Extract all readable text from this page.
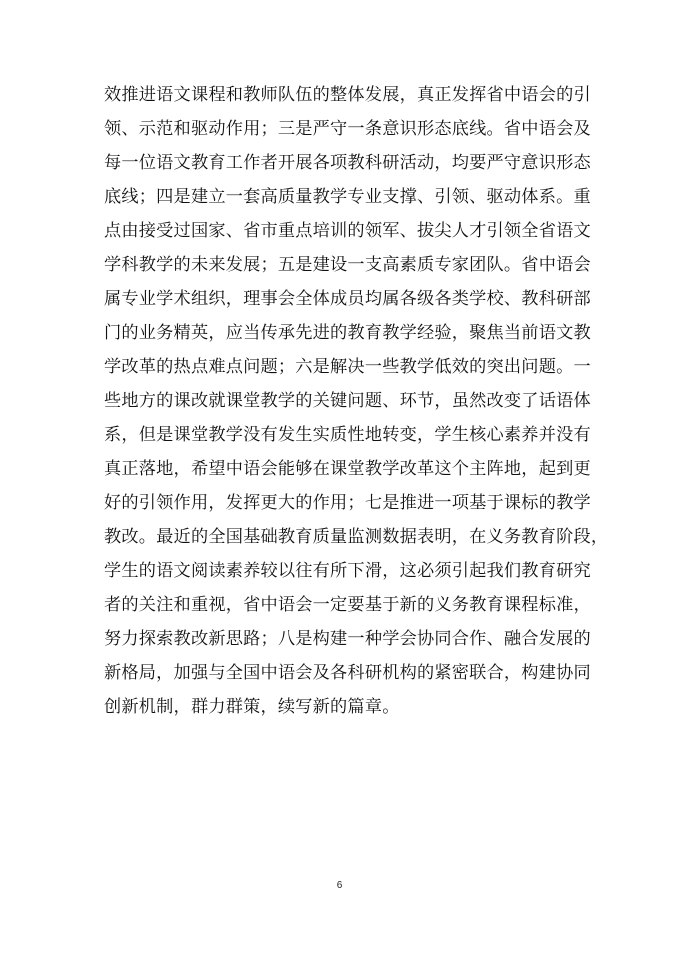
效推进语文课程和教师队伍的整体发展，真正发挥省中语会的引
领、示范和驱动作用；三是严守一条意识形态底线。省中语会及
每一位语文教育工作者开展各项教科研活动，均要严守意识形态
底线；四是建立一套高质量教学专业支撑、引领、驱动体系。重
点由接受过国家、省市重点培训的领军、拔尖人才引领全省语文
学科教学的未来发展；五是建设一支高素质专家团队。省中语会
属专业学术组织，理事会全体成员均属各级各类学校、教科研部
门的业务精英，应当传承先进的教育教学经验，聚焦当前语文教
学改革的热点难点问题；六是解决一些教学低效的突出问题。一
些地方的课改就课堂教学的关键问题、环节，虽然改变了话语体
系，但是课堂教学没有发生实质性地转变，学生核心素养并没有
真正落地，希望中语会能够在课堂教学改革这个主阵地，起到更
好的引领作用，发挥更大的作用；七是推进一项基于课标的教学
教改。最近的全国基础教育质量监测数据表明，在义务教育阶段，
学生的语文阅读素养较以往有所下滑，这必须引起我们教育研究
者的关注和重视，省中语会一定要基于新的义务教育课程标准，
努力探索教改新思路；八是构建一种学会协同合作、融合发展的
新格局，加强与全国中语会及各科研机构的紧密联合，构建协同
创新机制，群力群策，续写新的篇章。
6
